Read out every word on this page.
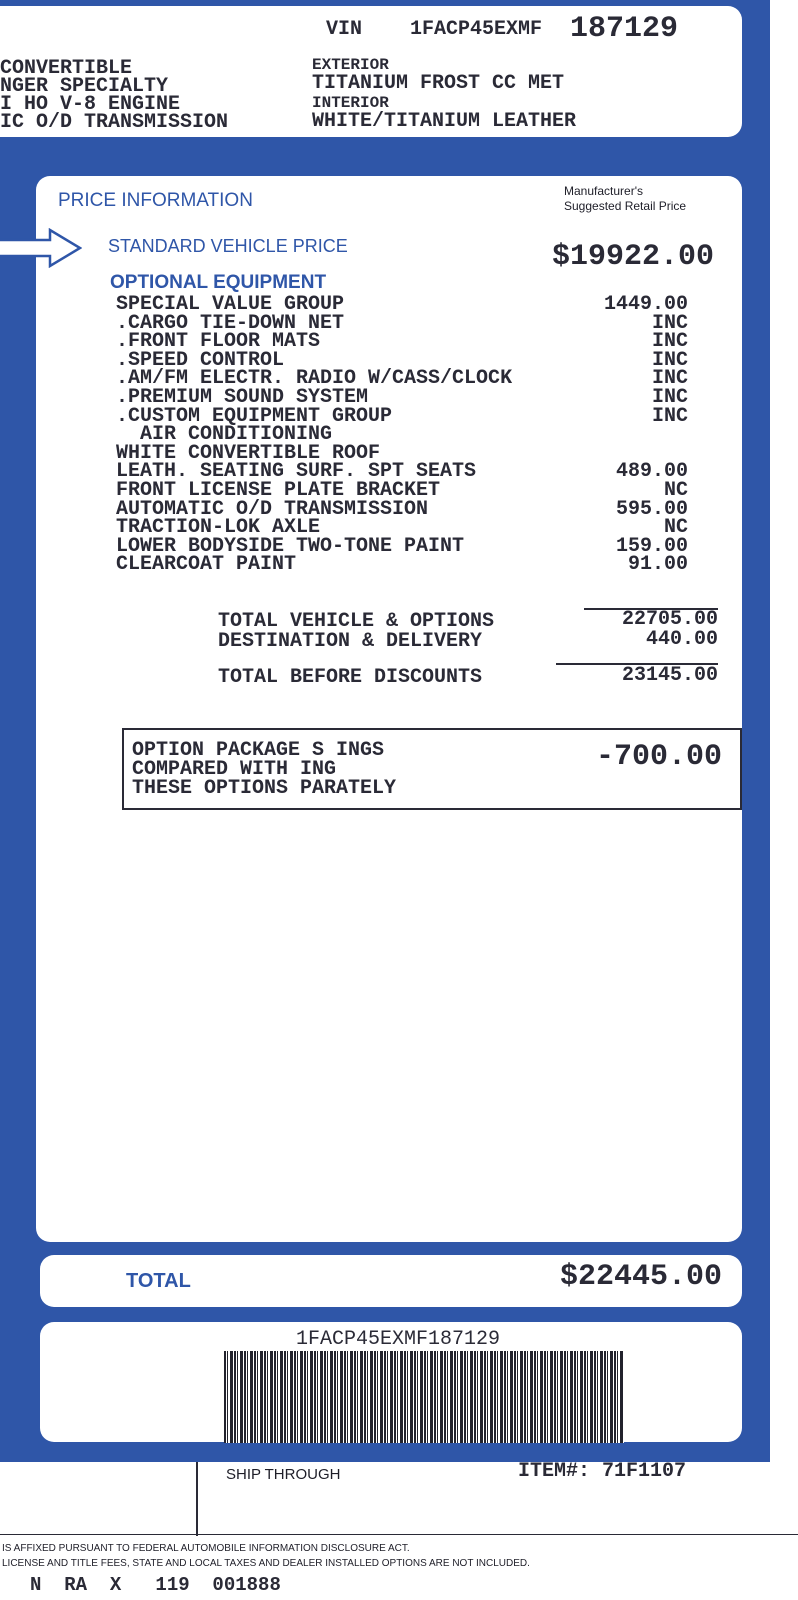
VIN 1FACP45EXMF 187129
CONVERTIBLE
NGER SPECIALTY
I HO V-8 ENGINE
IC O/D TRANSMISSION
EXTERIOR
TITANIUM FROST CC MET
INTERIOR
WHITE/TITANIUM LEATHER
PRICE INFORMATION	Manufacturer's
Suggested Retail Price
STANDARD VEHICLE PRICE	$19922.00
OPTIONAL EQUIPMENT
SPECIAL VALUE GROUP	1449.00
.CARGO TIE-DOWN NET	INC
.FRONT FLOOR MATS	INC
.SPEED CONTROL	INC
.AM/FM ELECTR. RADIO W/CASS/CLOCK	INC
.PREMIUM SOUND SYSTEM	INC
.CUSTOM EQUIPMENT GROUP	INC
AIR CONDITIONING
WHITE CONVERTIBLE ROOF
LEATH. SEATING SURF. SPT SEATS	489.00
FRONT LICENSE PLATE BRACKET	NC
AUTOMATIC O/D TRANSMISSION	595.00
TRACTION-LOK AXLE	NC
LOWER BODYSIDE TWO-TONE PAINT	159.00
CLEARCOAT PAINT	91.00
TOTAL VEHICLE & OPTIONS	22705.00
DESTINATION & DELIVERY	440.00
TOTAL BEFORE DISCOUNTS	23145.00
OPTION PACKAGE S INGS
COMPARED WITH ING
THESE OPTIONS PARATELY
-700.00
TOTAL	$22445.00
1FACP45EXMF187129
SHIP THROUGH	ITEM#: 71F1107
IS AFFIXED PURSUANT TO FEDERAL AUTOMOBILE INFORMATION DISCLOSURE ACT.
LICENSE AND TITLE FEES, STATE AND LOCAL TAXES AND DEALER INSTALLED OPTIONS ARE NOT INCLUDED.
N  RA  X   119  001888
